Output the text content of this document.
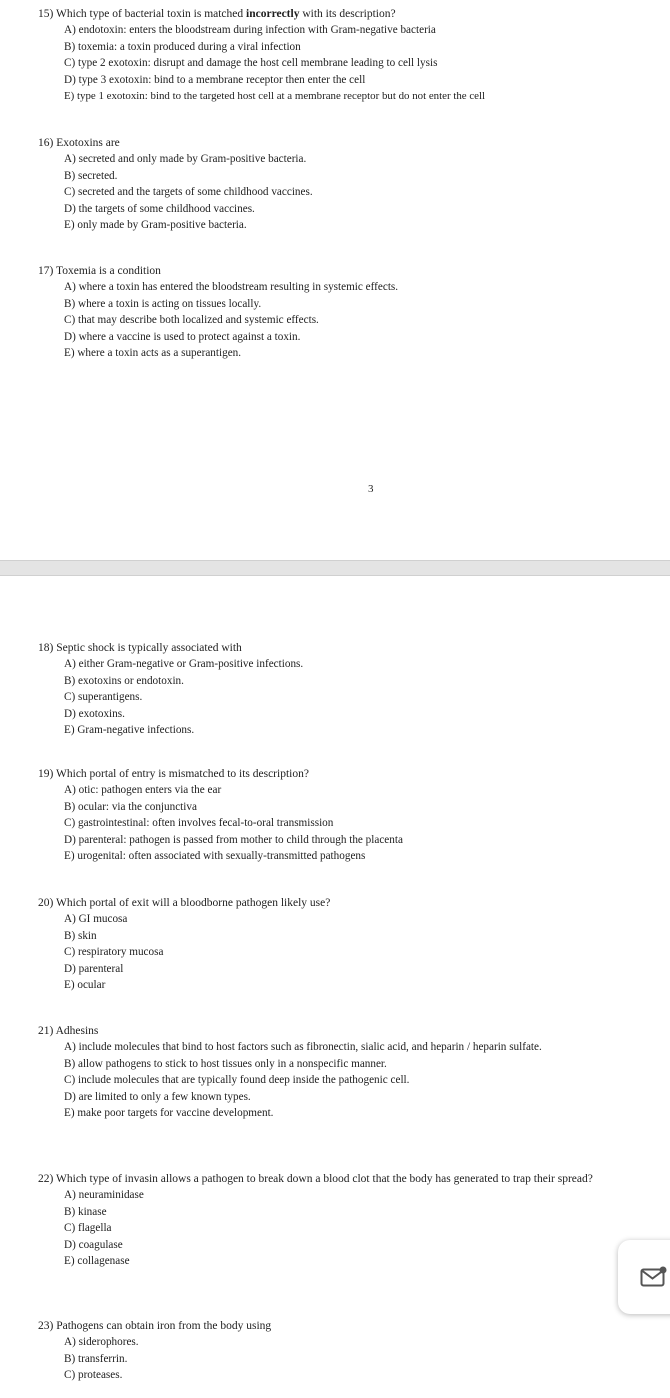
15) Which type of bacterial toxin is matched incorrectly with its description?
A) endotoxin: enters the bloodstream during infection with Gram-negative bacteria
B) toxemia: a toxin produced during a viral infection
C) type 2 exotoxin: disrupt and damage the host cell membrane leading to cell lysis
D) type 3 exotoxin: bind to a membrane receptor then enter the cell
E) type 1 exotoxin: bind to the targeted host cell at a membrane receptor but do not enter the cell
16) Exotoxins are
A) secreted and only made by Gram-positive bacteria.
B) secreted.
C) secreted and the targets of some childhood vaccines.
D) the targets of some childhood vaccines.
E) only made by Gram-positive bacteria.
17) Toxemia is a condition
A) where a toxin has entered the bloodstream resulting in systemic effects.
B) where a toxin is acting on tissues locally.
C) that may describe both localized and systemic effects.
D) where a vaccine is used to protect against a toxin.
E) where a toxin acts as a superantigen.
3
18) Septic shock is typically associated with
A) either Gram-negative or Gram-positive infections.
B) exotoxins or endotoxin.
C) superantigens.
D) exotoxins.
E) Gram-negative infections.
19) Which portal of entry is mismatched to its description?
A) otic: pathogen enters via the ear
B) ocular: via the conjunctiva
C) gastrointestinal: often involves fecal-to-oral transmission
D) parenteral: pathogen is passed from mother to child through the placenta
E) urogenital: often associated with sexually-transmitted pathogens
20) Which portal of exit will a bloodborne pathogen likely use?
A) GI mucosa
B) skin
C) respiratory mucosa
D) parenteral
E) ocular
21) Adhesins
A) include molecules that bind to host factors such as fibronectin, sialic acid, and heparin / heparin sulfate.
B) allow pathogens to stick to host tissues only in a nonspecific manner.
C) include molecules that are typically found deep inside the pathogenic cell.
D) are limited to only a few known types.
E) make poor targets for vaccine development.
22) Which type of invasin allows a pathogen to break down a blood clot that the body has generated to trap their spread?
A) neuraminidase
B) kinase
C) flagella
D) coagulase
E) collagenase
23) Pathogens can obtain iron from the body using
A) siderophores.
B) transferrin.
C) proteases.
